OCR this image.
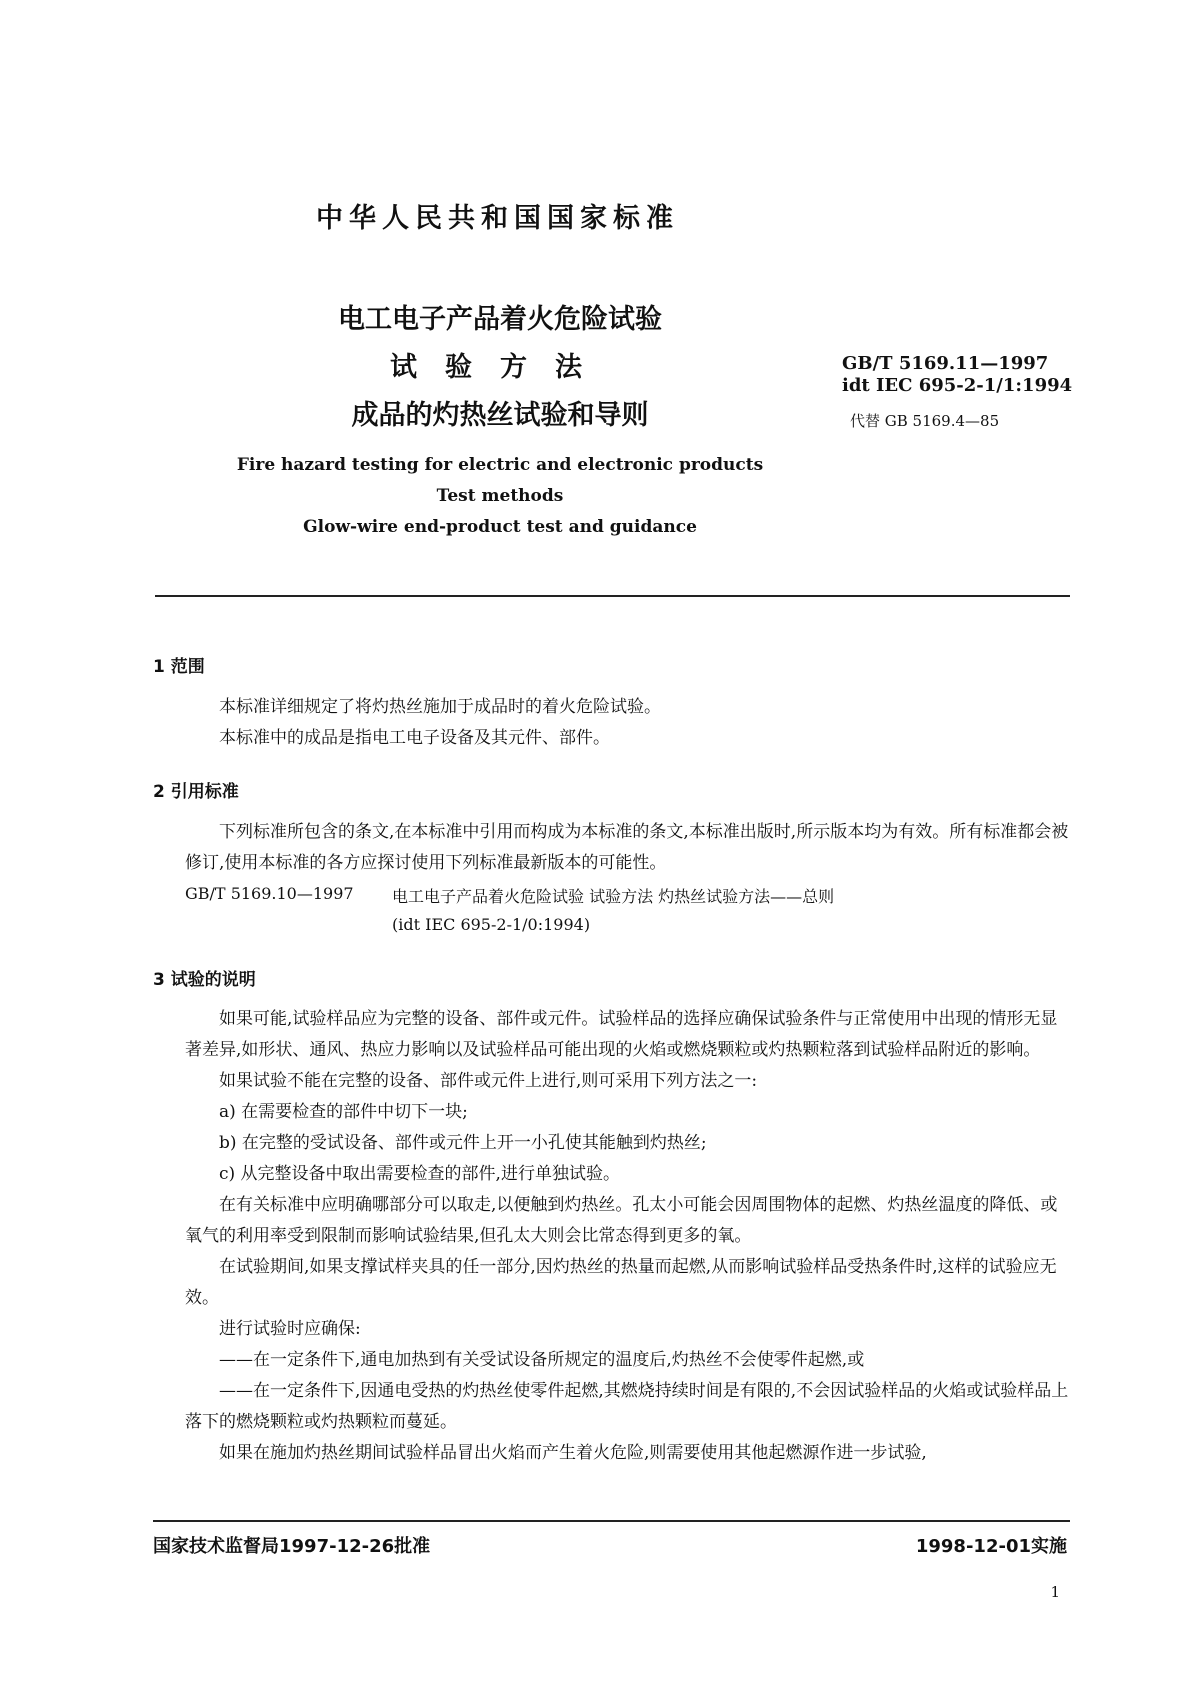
中华人民共和国国家标准
电工电子产品着火危险试验
试验方法
成品的灼热丝试验和导则
GB/T 5169.11—1997
idt IEC 695-2-1/1:1994
代替 GB 5169.4—85
Fire hazard testing for electric and electronic products
Test methods
Glow-wire end-product test and guidance
1 范围

本标准详细规定了将灼热丝施加于成品时的着火危险试验。

本标准中的成品是指电工电子设备及其元件、部件。

2 引用标准

下列标准所包含的条文,在本标准中引用而构成为本标准的条文,本标准出版时,所示版本均为有效。所有标准都会被修订,使用本标准的各方应探讨使用下列标准最新版本的可能性。

GB/T 5169.10—1997 电工电子产品着火危险试验 试验方法 灼热丝试验方法——总则
(idt IEC 695-2-1/0:1994)
3 试验的说明

如果可能,试验样品应为完整的设备、部件或元件。试验样品的选择应确保试验条件与正常使用中出现的情形无显著差异,如形状、通风、热应力影响以及试验样品可能出现的火焰或燃烧颗粒或灼热颗粒落到试验样品附近的影响。

如果试验不能在完整的设备、部件或元件上进行,则可采用下列方法之一:

a) 在需要检查的部件中切下一块;

b) 在完整的受试设备、部件或元件上开一小孔使其能触到灼热丝;

c) 从完整设备中取出需要检查的部件,进行单独试验。

在有关标准中应明确哪部分可以取走,以便触到灼热丝。孔太小可能会因周围物体的起燃、灼热丝温度的降低、或氧气的利用率受到限制而影响试验结果,但孔太大则会比常态得到更多的氧。

在试验期间,如果支撑试样夹具的任一部分,因灼热丝的热量而起燃,从而影响试验样品受热条件时,这样的试验应无效。

进行试验时应确保:

——在一定条件下,通电加热到有关受试设备所规定的温度后,灼热丝不会使零件起燃,或

——在一定条件下,因通电受热的灼热丝使零件起燃,其燃烧持续时间是有限的,不会因试验样品的火焰或试验样品上落下的燃烧颗粒或灼热颗粒而蔓延。

如果在施加灼热丝期间试验样品冒出火焰而产生着火危险,则需要使用其他起燃源作进一步试验,

国家技术监督局1997-12-26批准	1998-12-01实施
1
